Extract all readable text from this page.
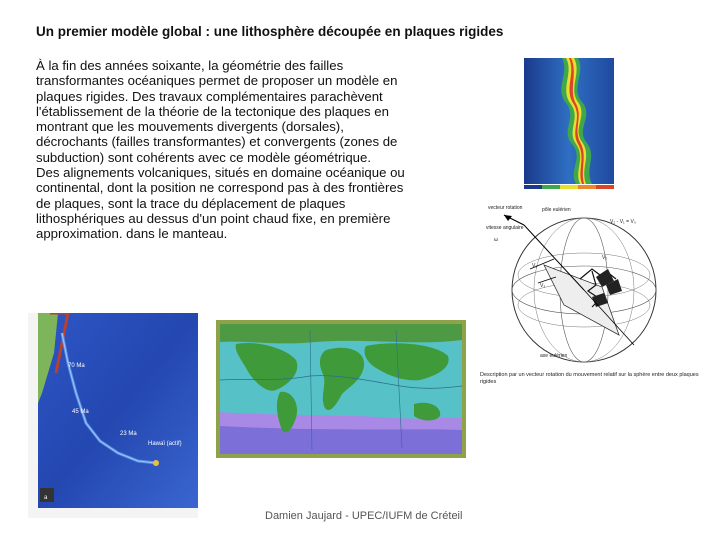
Un premier modèle global : une lithosphère découpée en plaques rigides

À la fin des années soixante, la géométrie des failles transformantes océaniques permet de proposer un modèle en plaques rigides. Des travaux complémentaires parachèvent l'établissement de la théorie de la tectonique des plaques en montrant que les mouvements divergents (dorsales), décrochants (failles transformantes) et convergents (zones de subduction) sont cohérents avec ce modèle géométrique.

Des alignements volcaniques, situés en domaine océanique ou continental, dont la position ne correspond pas à des frontières de plaques, sont la trace du déplacement de plaques lithosphériques au dessus d'un point chaud fixe, en première approximation. dans le manteau.

vecteur rotation	pôle eulérien
vitesse angulaire
ω
V₂ - V₁ = V₃
V₁
V₂
V₃
axe eulérien
Description par un vecteur rotation du mouvement relatif sur la sphère entre deux plaques rigides
70 Ma
45 Ma
23 Ma
Hawaï (actif)
a
Damien Jaujard - UPEC/IUFM de Créteil
